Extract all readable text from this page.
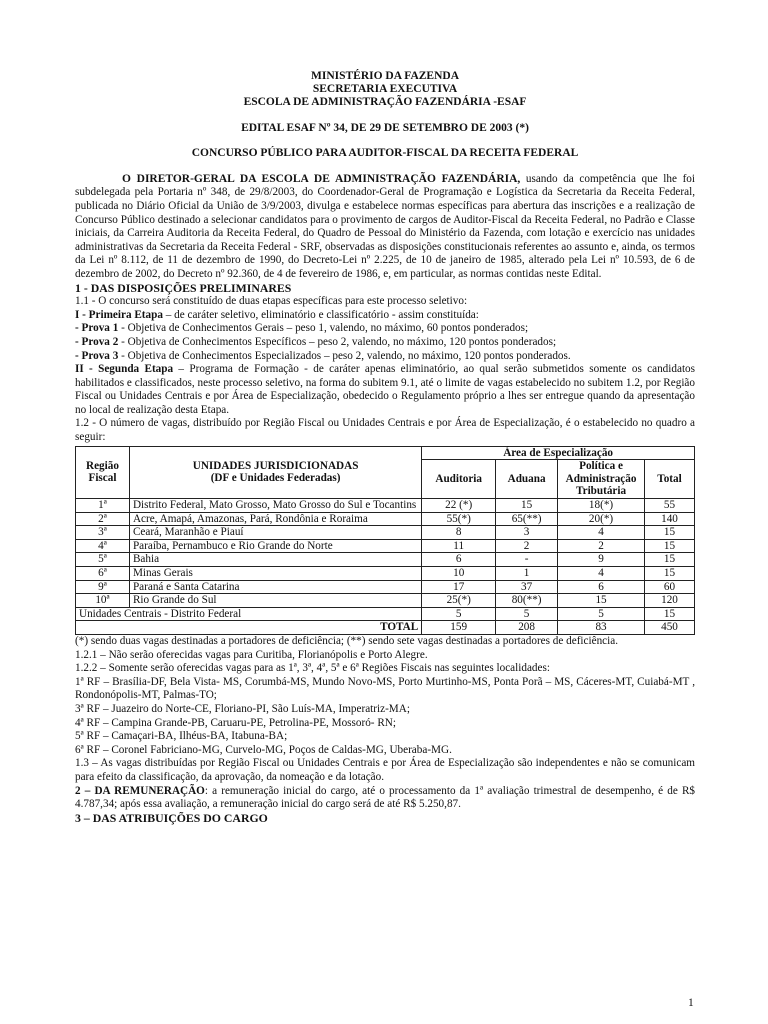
MINISTÉRIO DA FAZENDA
SECRETARIA EXECUTIVA
ESCOLA DE ADMINISTRAÇÃO FAZENDÁRIA -ESAF
EDITAL ESAF Nº 34, DE 29 DE SETEMBRO DE 2003 (*)
CONCURSO PÚBLICO PARA AUDITOR-FISCAL DA RECEITA FEDERAL

O DIRETOR-GERAL DA ESCOLA DE ADMINISTRAÇÃO FAZENDÁRIA, usando da competência que lhe foi subdelegada pela Portaria nº 348, de 29/8/2003, do Coordenador-Geral de Programação e Logística da Secretaria da Receita Federal, publicada no Diário Oficial da União de 3/9/2003, divulga e estabelece normas específicas para abertura das inscrições e a realização de Concurso Público destinado a selecionar candidatos para o provimento de cargos de Auditor-Fiscal da Receita Federal, no Padrão e Classe iniciais, da Carreira Auditoria da Receita Federal, do Quadro de Pessoal do Ministério da Fazenda, com lotação e exercício nas unidades administrativas da Secretaria da Receita Federal - SRF, observadas as disposições constitucionais referentes ao assunto e, ainda, os termos da Lei nº 8.112, de 11 de dezembro de 1990, do Decreto-Lei nº 2.225, de 10 de janeiro de 1985, alterado pela Lei nº 10.593, de 6 de dezembro de 2002, do Decreto nº 92.360, de 4 de fevereiro de 1986, e, em particular, as normas contidas neste Edital.

1 - DAS DISPOSIÇÕES PRELIMINARES

1.1 - O concurso será constituído de duas etapas específicas para este processo seletivo:

I - Primeira Etapa – de caráter seletivo, eliminatório e classificatório - assim constituída:

- Prova 1 - Objetiva de Conhecimentos Gerais – peso 1, valendo, no máximo, 60 pontos ponderados;

- Prova 2 - Objetiva de Conhecimentos Específicos – peso 2, valendo, no máximo, 120 pontos ponderados;

- Prova 3 - Objetiva de Conhecimentos Especializados – peso 2, valendo, no máximo, 120 pontos ponderados.

II - Segunda Etapa – Programa de Formação - de caráter apenas eliminatório, ao qual serão submetidos somente os candidatos habilitados e classificados, neste processo seletivo, na forma do subitem 9.1, até o limite de vagas estabelecido no subitem 1.2, por Região Fiscal ou Unidades Centrais e por Área de Especialização, obedecido o Regulamento próprio a lhes ser entregue quando da apresentação no local de realização desta Etapa.

1.2 - O número de vagas, distribuído por Região Fiscal ou Unidades Centrais e por Área de Especialização, é o estabelecido no quadro a seguir:

Região Fiscal	UNIDADES JURISDICIONADAS
(DF e Unidades Federadas)	Área de Especialização			
		Auditoria	Aduana	Política e Administração Tributária	Total

1ª	Distrito Federal, Mato Grosso, Mato Grosso do Sul e Tocantins	22 (*)	15	18(*)	55
2ª	Acre, Amapá, Amazonas, Pará, Rondônia e Roraima	55(*)	65(**)	20(*)	140
3ª	Ceará, Maranhão e Piauí	8	3	4	15
4ª	Paraíba, Pernambuco e Rio Grande do Norte	11	2	2	15
5ª	Bahia	6	-	9	15
6ª	Minas Gerais	10	1	4	15
9ª	Paraná e Santa Catarina	17	37	6	60
10ª	Rio Grande do Sul	25(*)	80(**)	15	120
Unidades Centrais - Distrito Federal		5	5	5	15
TOTAL		159	208	83	450

(*) sendo duas vagas destinadas a portadores de deficiência; (**) sendo sete vagas destinadas a portadores de deficiência.

1.2.1 – Não serão oferecidas vagas para Curitiba, Florianópolis e Porto Alegre.

1.2.2 – Somente serão oferecidas vagas para as 1ª, 3ª, 4ª, 5ª e 6ª Regiões Fiscais nas seguintes localidades:

1ª RF – Brasília-DF, Bela Vista- MS, Corumbá-MS, Mundo Novo-MS, Porto Murtinho-MS, Ponta Porã – MS, Cáceres-MT, Cuiabá-MT , Rondonópolis-MT, Palmas-TO;

3ª RF – Juazeiro do Norte-CE, Floriano-PI, São Luís-MA, Imperatriz-MA;

4ª RF – Campina Grande-PB, Caruaru-PE, Petrolina-PE, Mossoró- RN;

5ª RF – Camaçari-BA, Ilhéus-BA, Itabuna-BA;

6ª RF – Coronel Fabriciano-MG, Curvelo-MG, Poços de Caldas-MG, Uberaba-MG.

1.3 – As vagas distribuídas por Região Fiscal ou Unidades Centrais e por Área de Especialização são independentes e não se comunicam para efeito da classificação, da aprovação, da nomeação e da lotação.

2 – DA REMUNERAÇÃO: a remuneração inicial do cargo, até o processamento da 1ª avaliação trimestral de desempenho, é de R$ 4.787,34; após essa avaliação, a remuneração inicial do cargo será de até R$ 5.250,87.

3 – DAS ATRIBUIÇÕES DO CARGO
1
